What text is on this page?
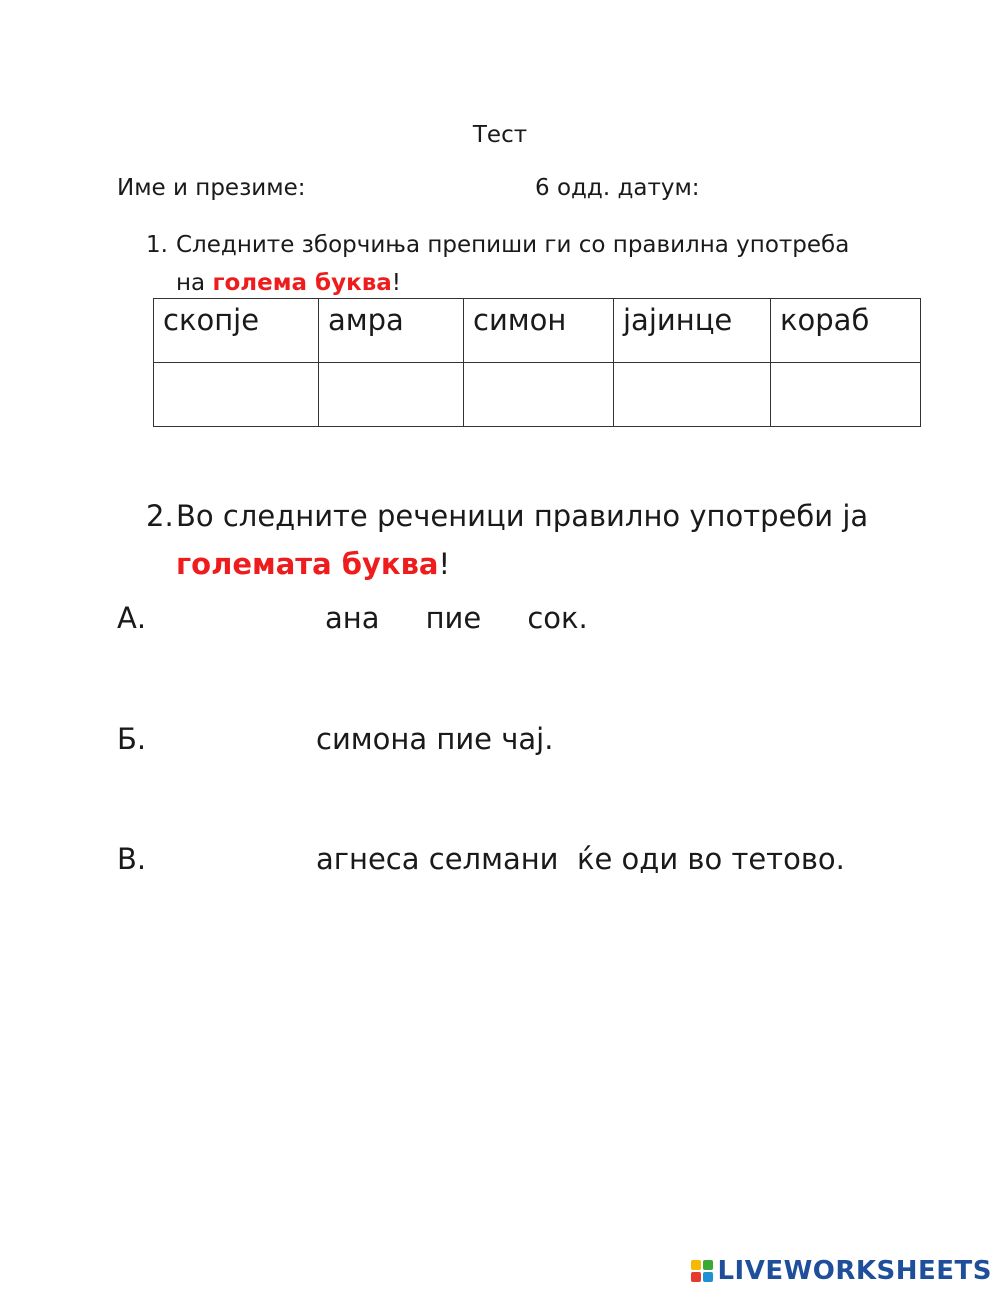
Тест
Име и презиме:	6 одд. датум:
1. Следните зборчиња препиши ги со правилна употреба
на голема буква!
скопје	амра	симон	јајинце	кораб

2.Во следните реченици правилно употреби ја
големата буква!
А.	ана     пие     сок.
Б.	симона пие чај.
В.	агнеса селмани  ќе оди во тетово.
LIVEWORKSHEETS
